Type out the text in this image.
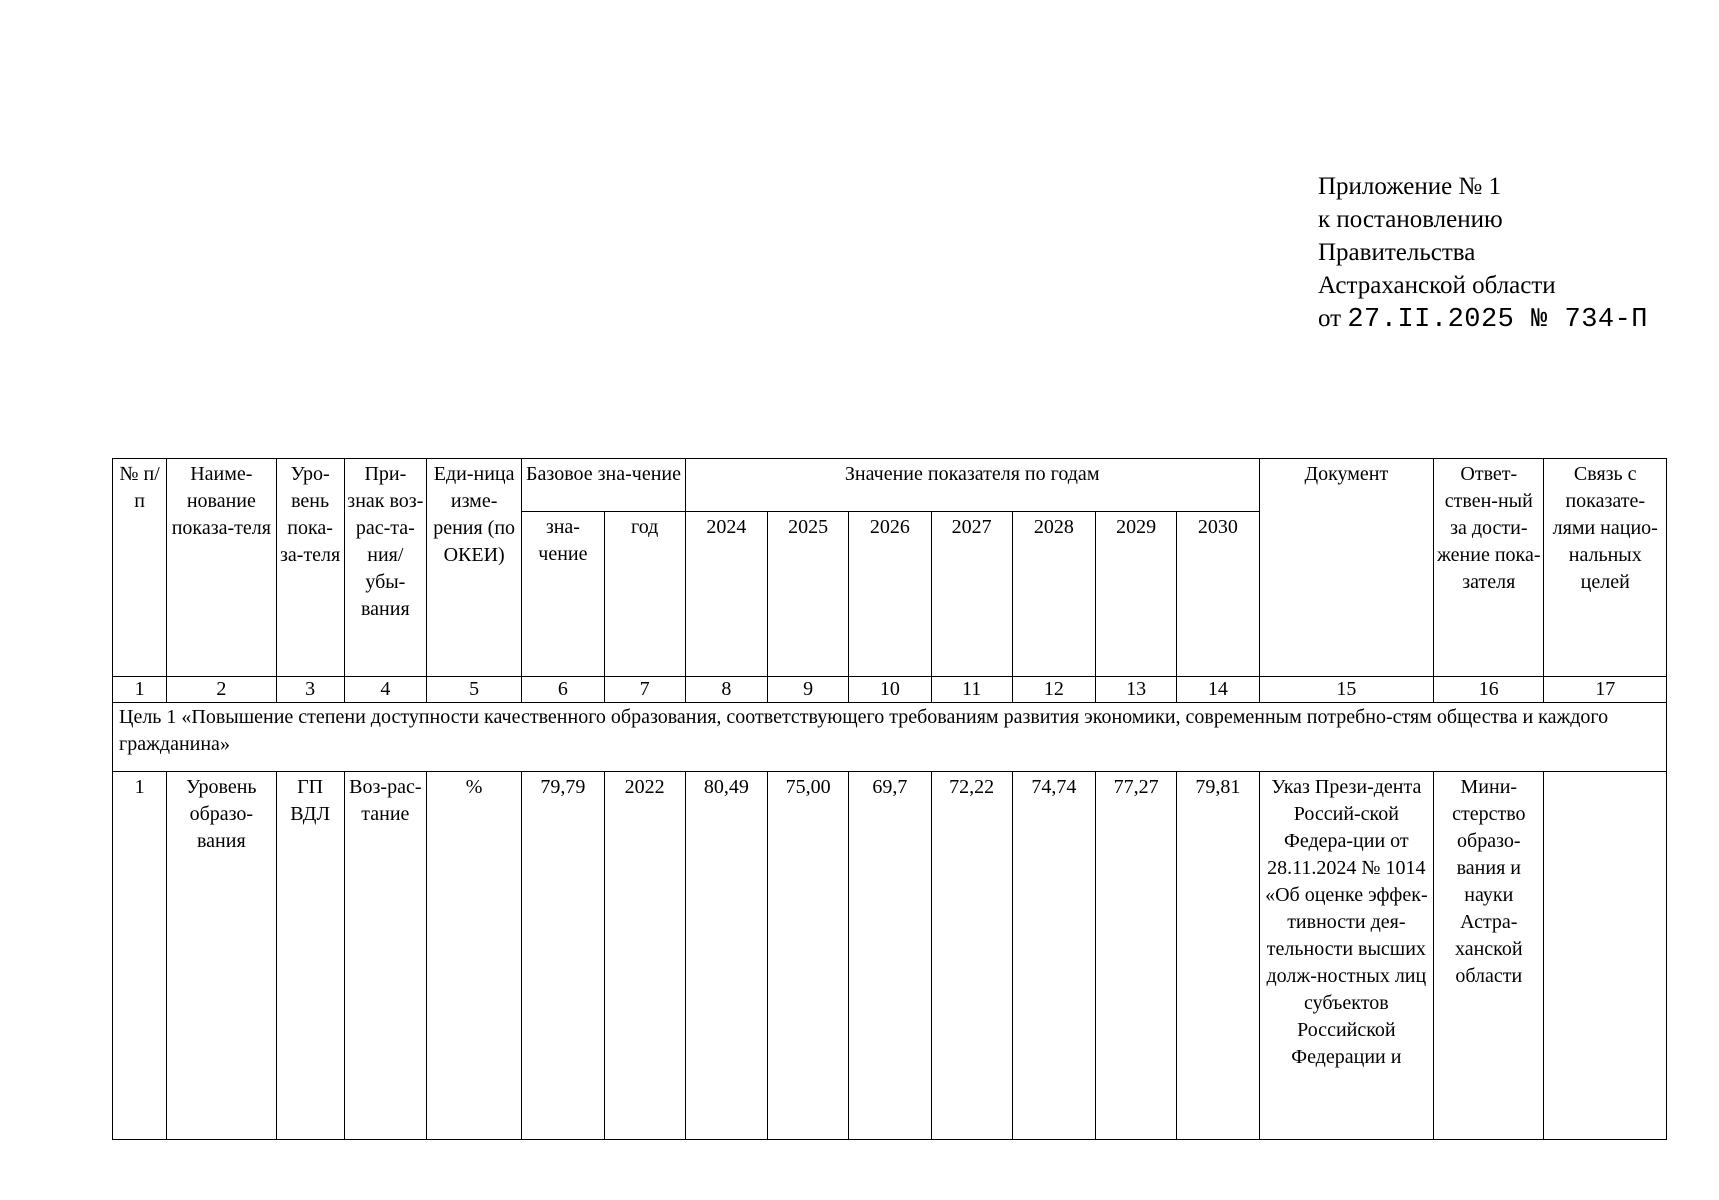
Приложение № 1
к постановлению
Правительства
Астраханской области
от 27.II.2025 № 734-П
№ п/п	Наиме-нование показа-теля	Уро-вень пока-за-теля	При-знак воз-рас-та-ния/ убы-вания	Еди-ница изме-рения (по ОКЕИ)	Базовое зна-чение		Значение показателя по годам							Документ	Ответ-ствен-ный за дости-жение пока-зателя	Связь с показате-лями нацио-нальных целей
					зна-чение	год	2024	2025	2026	2027	2028	2029	2030			
1	2	3	4	5	6	7	8	9	10	11	12	13	14	15	16	17
Цель 1 «Повышение степени доступности качественного образования, соответствующего требованиям развития экономики, современным потребно-стям общества и каждого гражданина»																
1	Уровень образо-вания	ГП ВДЛ	Воз-рас-тание	%	79,79	2022	80,49	75,00	69,7	72,22	74,74	77,27	79,81	Указ Прези-дента Россий-ской Федера-ции от 28.11.2024 № 1014 «Об оценке эффек-тивности дея-тельности высших долж-ностных лиц субъектов Российской Федерации и	Мини-стерство образо-вания и науки Астра-ханской области	
